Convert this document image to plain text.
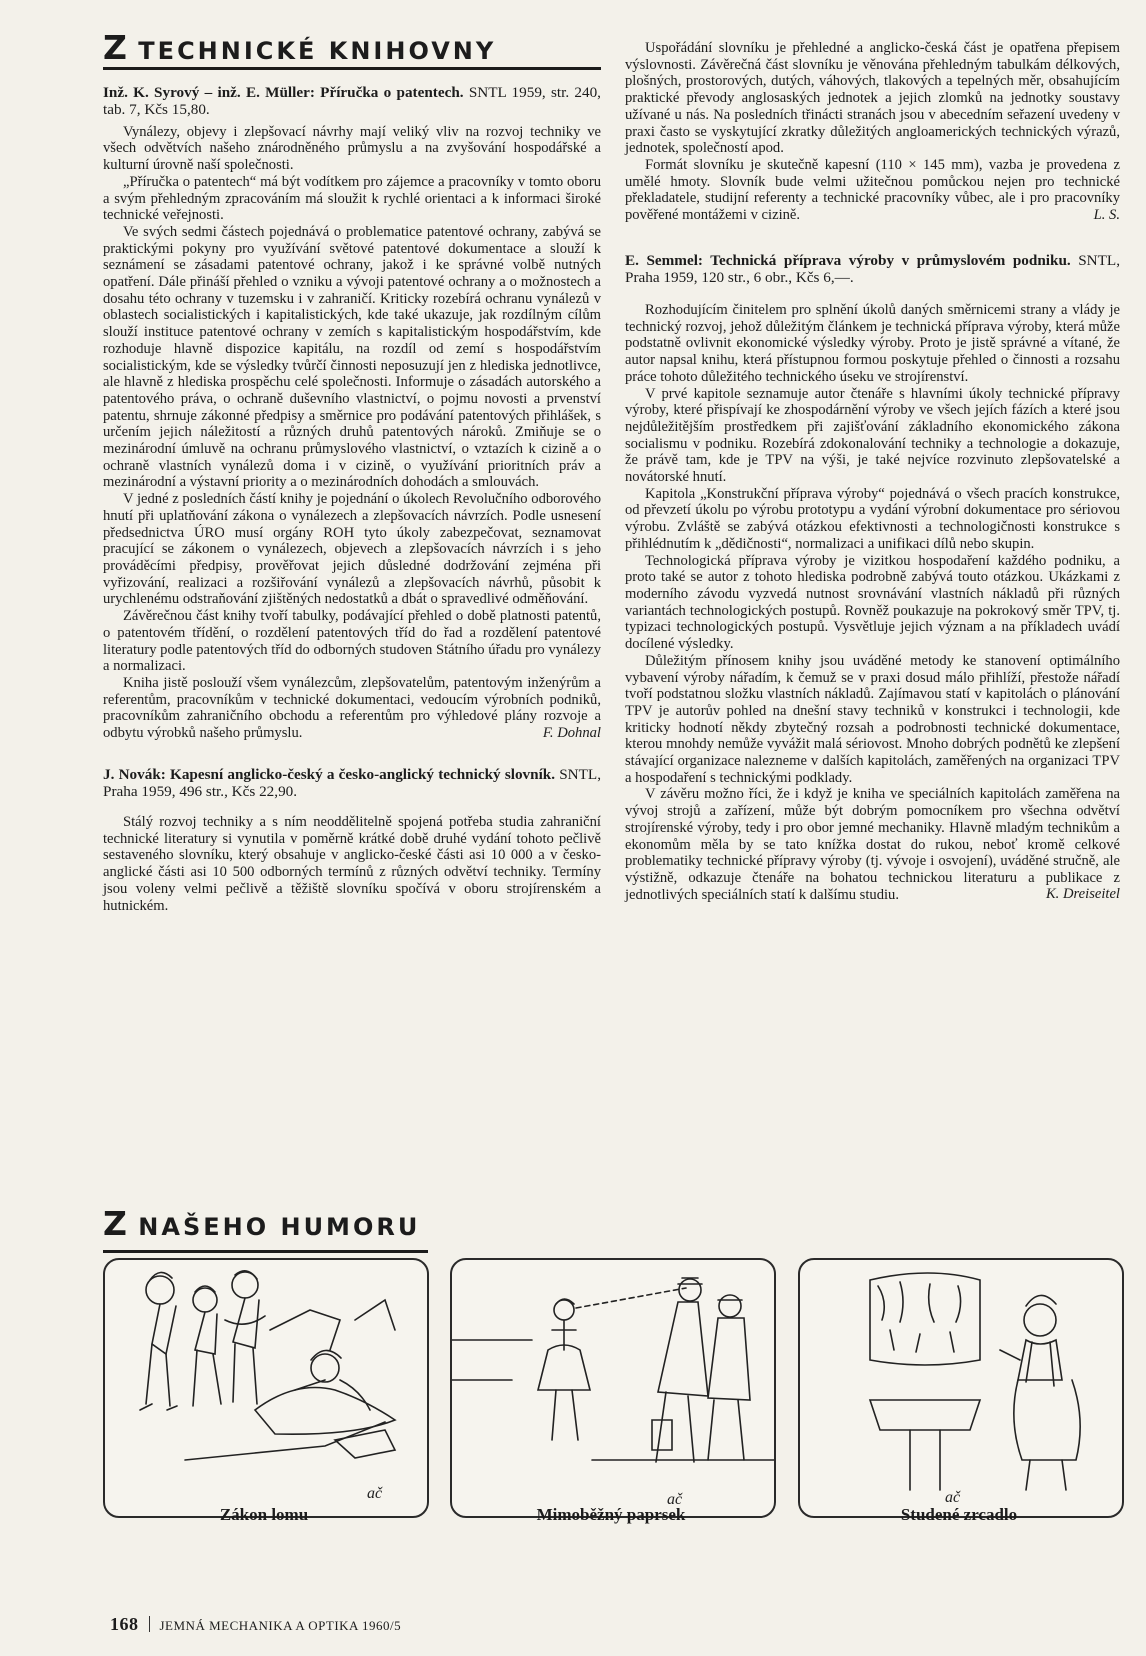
Z TECHNICKÉ KNIHOVNY

Inž. K. Syrový – inž. E. Müller: Příručka o patentech. SNTL 1959, str. 240, tab. 7, Kčs 15,80.

Vynálezy, objevy i zlepšovací návrhy mají veliký vliv na rozvoj techniky ve všech odvětvích našeho znárodněného průmyslu a na zvyšování hospodářské a kulturní úrovně naší společnosti.

„Příručka o patentech“ má být vodítkem pro zájemce a pracovníky v tomto oboru a svým přehledným zpracováním má sloužit k rychlé orientaci a k informaci široké technické veřejnosti.

Ve svých sedmi částech pojednává o problematice patentové ochrany, zabývá se praktickými pokyny pro využívání světové patentové dokumentace a slouží k seznámení se zásadami patentové ochrany, jakož i ke správné volbě nutných opatření. Dále přináší přehled o vzniku a vývoji patentové ochrany a o možnostech a dosahu této ochrany v tuzemsku i v zahraničí. Kriticky rozebírá ochranu vynálezů v oblastech socialistických i kapitalistických, kde také ukazuje, jak rozdílným cílům slouží instituce patentové ochrany v zemích s kapitalistickým hospodářstvím, kde rozhoduje hlavně dispozice kapitálu, na rozdíl od zemí s hospodářstvím socialistickým, kde se výsledky tvůrčí činnosti neposuzují jen z hlediska jednotlivce, ale hlavně z hlediska prospěchu celé společnosti. Informuje o zásadách autorského a patentového práva, o ochraně duševního vlastnictví, o pojmu novosti a prvenství patentu, shrnuje zákonné předpisy a směrnice pro podávání patentových přihlášek, s určením jejich náležitostí a různých druhů patentových nároků. Zmiňuje se o mezinárodní úmluvě na ochranu průmyslového vlastnictví, o vztazích k cizině a o ochraně vlastních vynálezů doma i v cizině, o využívání prioritních práv a mezinárodní a výstavní priority a o mezinárodních dohodách a smlouvách.

V jedné z posledních částí knihy je pojednání o úkolech Revolučního odborového hnutí při uplatňování zákona o vynálezech a zlepšovacích návrzích. Podle usnesení předsednictva ÚRO musí orgány ROH tyto úkoly zabezpečovat, seznamovat pracující se zákonem o vynálezech, objevech a zlepšovacích návrzích i s jeho prováděcími předpisy, prověřovat jejich důsledné dodržování zejména při vyřizování, realizaci a rozšiřování vynálezů a zlepšovacích návrhů, působit k urychlenému odstraňování zjištěných nedostatků a dbát o spravedlivé odměňování.

Závěrečnou část knihy tvoří tabulky, podávající přehled o době platnosti patentů, o patentovém třídění, o rozdělení patentových tříd do řad a rozdělení patentové literatury podle patentových tříd do odborných studoven Státního úřadu pro vynálezy a normalizaci.

Kniha jistě poslouží všem vynálezcům, zlepšovatelům, patentovým inženýrům a referentům, pracovníkům v technické dokumentaci, vedoucím výrobních podniků, pracovníkům zahraničního obchodu a referentům pro výhledové plány rozvoje a odbytu výrobků našeho průmyslu.	F. Dohnal

J. Novák: Kapesní anglicko-český a česko-anglický technický slovník. SNTL, Praha 1959, 496 str., Kčs 22,90.

Stálý rozvoj techniky a s ním neoddělitelně spojená potřeba studia zahraniční technické literatury si vynutila v poměrně krátké době druhé vydání tohoto pečlivě sestaveného slovníku, který obsahuje v anglicko-české části asi 10 000 a v česko-anglické části asi 10 500 odborných termínů z různých odvětví techniky. Termíny jsou voleny velmi pečlivě a těžiště slovníku spočívá v oboru strojírenském a hutnickém.

Uspořádání slovníku je přehledné a anglicko-česká část je opatřena přepisem výslovnosti. Závěrečná část slovníku je věnována přehledným tabulkám délkových, plošných, prostorových, dutých, váhových, tlakových a tepelných měr, obsahujícím praktické převody anglosaských jednotek a jejich zlomků na jednotky soustavy užívané u nás. Na posledních třinácti stranách jsou v abecedním seřazení uvedeny v praxi často se vyskytující zkratky důležitých angloamerických technických výrazů, jednotek, společností apod.

Formát slovníku je skutečně kapesní (110 × 145 mm), vazba je provedena z umělé hmoty. Slovník bude velmi užitečnou pomůckou nejen pro technické překladatele, studijní referenty a technické pracovníky vůbec, ale i pro pracovníky pověřené montážemi v cizině.	L. S.

E. Semmel: Technická příprava výroby v průmyslovém podniku. SNTL, Praha 1959, 120 str., 6 obr., Kčs 6,—.

Rozhodujícím činitelem pro splnění úkolů daných směrnicemi strany a vlády je technický rozvoj, jehož důležitým článkem je technická příprava výroby, která může podstatně ovlivnit ekonomické výsledky výroby. Proto je jistě správné a vítané, že autor napsal knihu, která přístupnou formou poskytuje přehled o činnosti a rozsahu práce tohoto důležitého technického úseku ve strojírenství.

V prvé kapitole seznamuje autor čtenáře s hlavními úkoly technické přípravy výroby, které přispívají ke zhospodárnění výroby ve všech jejích fázích a které jsou nejdůležitějším prostředkem při zajišťování základního ekonomického zákona socialismu v podniku. Rozebírá zdokonalování techniky a technologie a dokazuje, že právě tam, kde je TPV na výši, je také nejvíce rozvinuto zlepšovatelské a novátorské hnutí.

Kapitola „Konstrukční příprava výroby“ pojednává o všech pracích konstrukce, od převzetí úkolu po výrobu prototypu a vydání výrobní dokumentace pro sériovou výrobu. Zvláště se zabývá otázkou efektivnosti a technologičnosti konstrukce s přihlédnutím k „dědičnosti“, normalizaci a unifikaci dílů nebo skupin.

Technologická příprava výroby je vizitkou hospodaření každého podniku, a proto také se autor z tohoto hlediska podrobně zabývá touto otázkou. Ukázkami z moderního závodu vyzvedá nutnost srovnávání vlastních nákladů při různých variantách technologických postupů. Rovněž poukazuje na pokrokový směr TPV, tj. typizaci technologických postupů. Vysvětluje jejich význam a na příkladech uvádí docílené výsledky.

Důležitým přínosem knihy jsou uváděné metody ke stanovení optimálního vybavení výroby nářadím, k čemuž se v praxi dosud málo přihlíží, přestože nářadí tvoří podstatnou složku vlastních nákladů. Zajímavou statí v kapitolách o plánování TPV je autorův pohled na dnešní stavy techniků v konstrukci i technologii, kde kriticky hodnotí někdy zbytečný rozsah a podrobnosti technické dokumentace, kterou mnohdy nemůže vyvážit malá sériovost. Mnoho dobrých podnětů ke zlepšení stávající organizace nalezneme v dalších kapitolách, zaměřených na organizaci TPV a hospodaření s technickými podklady.

V závěru možno říci, že i když je kniha ve speciálních kapitolách zaměřena na vývoj strojů a zařízení, může být dobrým pomocníkem pro všechna odvětví strojírenské výroby, tedy i pro obor jemné mechaniky. Hlavně mladým technikům a ekonomům měla by se tato knížka dostat do rukou, neboť kromě celkové problematiky technické přípravy výroby (tj. vývoje i osvojení), uváděné stručně, ale výstižně, odkazuje čtenáře na bohatou technickou literaturu a publikace z jednotlivých speciálních statí k dalšímu studiu.	K. Dreiseitel

Z NAŠEHO HUMORU
ač	ač	ač
Zákon lomu	Mimoběžný paprsek	Studené zrcadlo
168 JEMNÁ MECHANIKA A OPTIKA 1960/5
